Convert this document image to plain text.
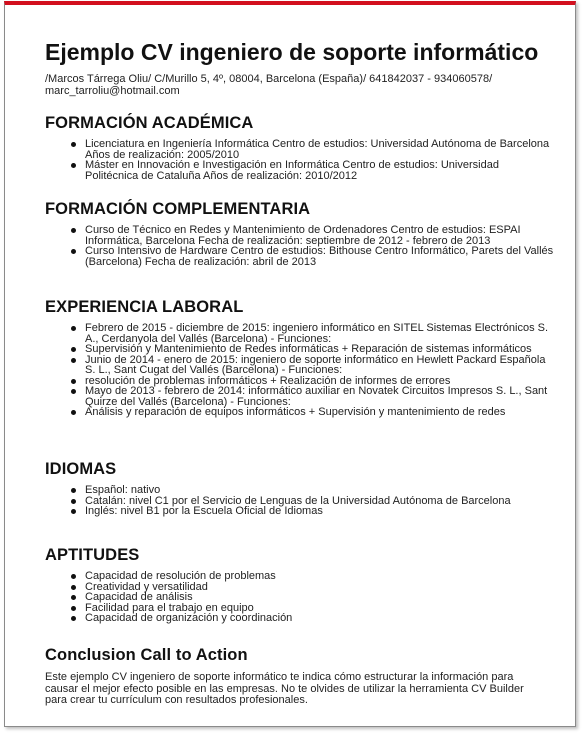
Ejemplo CV ingeniero de soporte informático
/Marcos Tárrega Oliu/ C/Murillo 5, 4º, 08004, Barcelona (España)/ 641842037 - 934060578/ marc_tarroliu@hotmail.com
FORMACIÓN ACADÉMICA
Licenciatura en Ingeniería Informática Centro de estudios: Universidad Autónoma de Barcelona Años de realización: 2005/2010
Máster en Innovación e Investigación en Informática Centro de estudios: Universidad Politécnica de Cataluña Años de realización: 2010/2012
FORMACIÓN COMPLEMENTARIA
Curso de Técnico en Redes y Mantenimiento de Ordenadores Centro de estudios: ESPAI Informática, Barcelona Fecha de realización: septiembre de 2012 - febrero de 2013
Curso Intensivo de Hardware Centro de estudios: Bithouse Centro Informático, Parets del Vallés (Barcelona) Fecha de realización: abril de 2013
EXPERIENCIA LABORAL
Febrero de 2015 - diciembre de 2015: ingeniero informático en SITEL Sistemas Electrónicos S. A., Cerdanyola del Vallés (Barcelona) - Funciones:
Supervisión y Mantenimiento de Redes informáticas + Reparación de sistemas informáticos
Junio de 2014 - enero de 2015: ingeniero de soporte informático en Hewlett Packard Española S. L., Sant Cugat del Vallés (Barcelona) - Funciones:
resolución de problemas informáticos + Realización de informes de errores
Mayo de 2013 - febrero de 2014: informático auxiliar en Novatek Circuitos Impresos S. L., Sant Quirze del Vallés (Barcelona) - Funciones:
Análisis y reparación de equipos informáticos + Supervisión y mantenimiento de redes
IDIOMAS
Español: nativo
Catalán: nivel C1 por el Servicio de Lenguas de la Universidad Autónoma de Barcelona
Inglés: nivel B1 por la Escuela Oficial de Idiomas
APTITUDES
Capacidad de resolución de problemas
Creatividad y versatilidad
Capacidad de análisis
Facilidad para el trabajo en equipo
Capacidad de organización y coordinación
Conclusion Call to Action

Este ejemplo CV ingeniero de soporte informático te indica cómo estructurar la información para causar el mejor efecto posible en las empresas. No te olvides de utilizar la herramienta CV Builder para crear tu currículum con resultados profesionales.
